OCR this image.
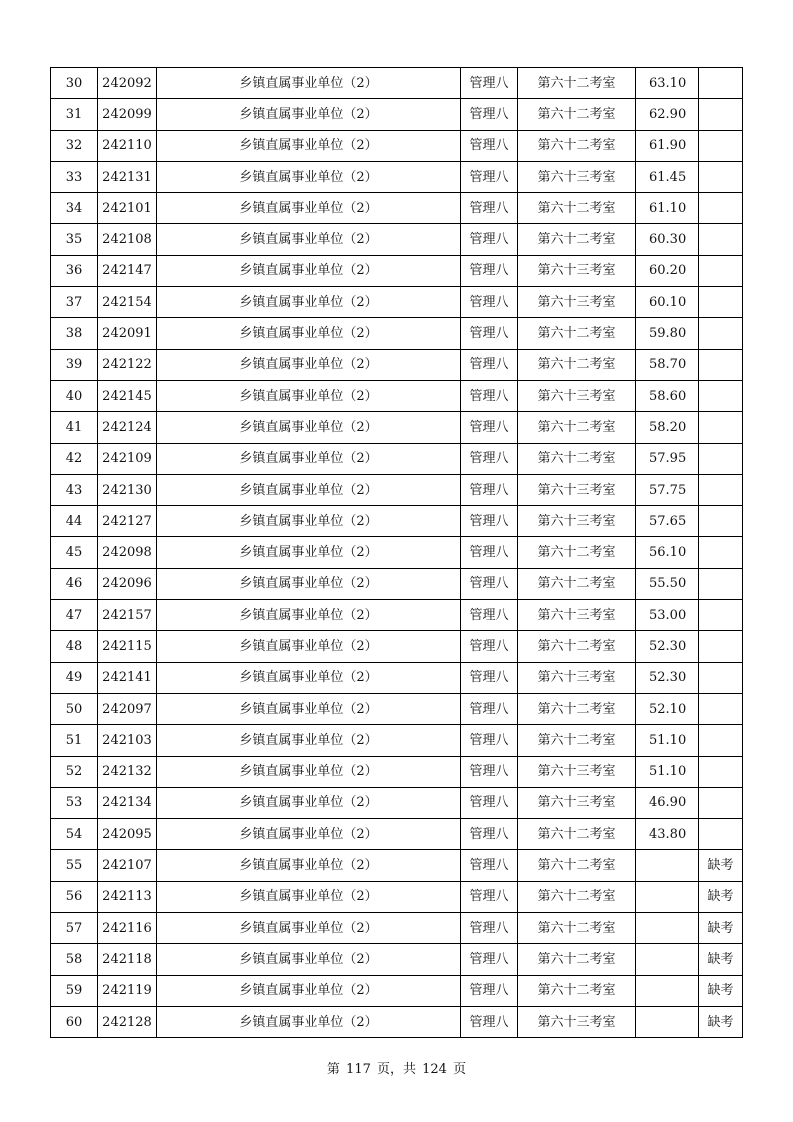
30	242092	乡镇直属事业单位（2）	管理八	第六十二考室	63.10	
31	242099	乡镇直属事业单位（2）	管理八	第六十二考室	62.90	
32	242110	乡镇直属事业单位（2）	管理八	第六十二考室	61.90	
33	242131	乡镇直属事业单位（2）	管理八	第六十三考室	61.45	
34	242101	乡镇直属事业单位（2）	管理八	第六十二考室	61.10	
35	242108	乡镇直属事业单位（2）	管理八	第六十二考室	60.30	
36	242147	乡镇直属事业单位（2）	管理八	第六十三考室	60.20	
37	242154	乡镇直属事业单位（2）	管理八	第六十三考室	60.10	
38	242091	乡镇直属事业单位（2）	管理八	第六十二考室	59.80	
39	242122	乡镇直属事业单位（2）	管理八	第六十二考室	58.70	
40	242145	乡镇直属事业单位（2）	管理八	第六十三考室	58.60	
41	242124	乡镇直属事业单位（2）	管理八	第六十二考室	58.20	
42	242109	乡镇直属事业单位（2）	管理八	第六十二考室	57.95	
43	242130	乡镇直属事业单位（2）	管理八	第六十三考室	57.75	
44	242127	乡镇直属事业单位（2）	管理八	第六十三考室	57.65	
45	242098	乡镇直属事业单位（2）	管理八	第六十二考室	56.10	
46	242096	乡镇直属事业单位（2）	管理八	第六十二考室	55.50	
47	242157	乡镇直属事业单位（2）	管理八	第六十三考室	53.00	
48	242115	乡镇直属事业单位（2）	管理八	第六十二考室	52.30	
49	242141	乡镇直属事业单位（2）	管理八	第六十三考室	52.30	
50	242097	乡镇直属事业单位（2）	管理八	第六十二考室	52.10	
51	242103	乡镇直属事业单位（2）	管理八	第六十二考室	51.10	
52	242132	乡镇直属事业单位（2）	管理八	第六十三考室	51.10	
53	242134	乡镇直属事业单位（2）	管理八	第六十三考室	46.90	
54	242095	乡镇直属事业单位（2）	管理八	第六十二考室	43.80	
55	242107	乡镇直属事业单位（2）	管理八	第六十二考室		缺考
56	242113	乡镇直属事业单位（2）	管理八	第六十二考室		缺考
57	242116	乡镇直属事业单位（2）	管理八	第六十二考室		缺考
58	242118	乡镇直属事业单位（2）	管理八	第六十二考室		缺考
59	242119	乡镇直属事业单位（2）	管理八	第六十二考室		缺考
60	242128	乡镇直属事业单位（2）	管理八	第六十三考室		缺考
第 117 页，共 124 页
